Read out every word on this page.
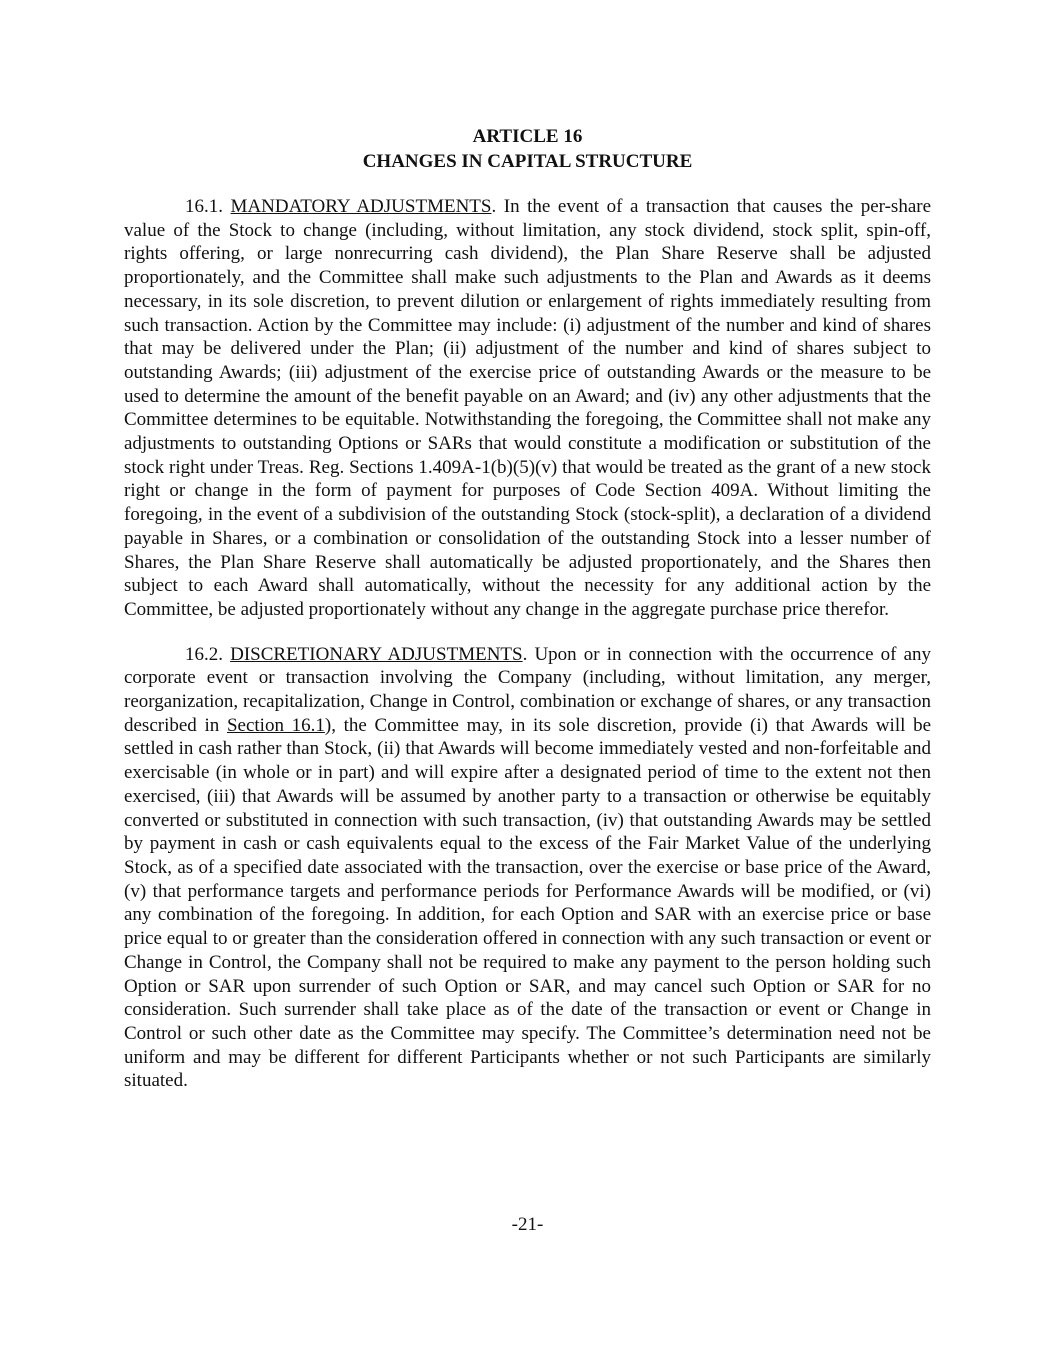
ARTICLE 16

CHANGES IN CAPITAL STRUCTURE

16.1. MANDATORY ADJUSTMENTS. In the event of a transaction that causes the per-share value of the Stock to change (including, without limitation, any stock dividend, stock split, spin-off, rights offering, or large nonrecurring cash dividend), the Plan Share Reserve shall be adjusted proportionately, and the Committee shall make such adjustments to the Plan and Awards as it deems necessary, in its sole discretion, to prevent dilution or enlargement of rights immediately resulting from such transaction. Action by the Committee may include: (i) adjustment of the number and kind of shares that may be delivered under the Plan; (ii) adjustment of the number and kind of shares subject to outstanding Awards; (iii) adjustment of the exercise price of outstanding Awards or the measure to be used to determine the amount of the benefit payable on an Award; and (iv) any other adjustments that the Committee determines to be equitable. Notwithstanding the foregoing, the Committee shall not make any adjustments to outstanding Options or SARs that would constitute a modification or substitution of the stock right under Treas. Reg. Sections 1.409A-1(b)(5)(v) that would be treated as the grant of a new stock right or change in the form of payment for purposes of Code Section 409A. Without limiting the foregoing, in the event of a subdivision of the outstanding Stock (stock-split), a declaration of a dividend payable in Shares, or a combination or consolidation of the outstanding Stock into a lesser number of Shares, the Plan Share Reserve shall automatically be adjusted proportionately, and the Shares then subject to each Award shall automatically, without the necessity for any additional action by the Committee, be adjusted proportionately without any change in the aggregate purchase price therefor.

16.2. DISCRETIONARY ADJUSTMENTS. Upon or in connection with the occurrence of any corporate event or transaction involving the Company (including, without limitation, any merger, reorganization, recapitalization, Change in Control, combination or exchange of shares, or any transaction described in Section 16.1), the Committee may, in its sole discretion, provide (i) that Awards will be settled in cash rather than Stock, (ii) that Awards will become immediately vested and non-forfeitable and exercisable (in whole or in part) and will expire after a designated period of time to the extent not then exercised, (iii) that Awards will be assumed by another party to a transaction or otherwise be equitably converted or substituted in connection with such transaction, (iv) that outstanding Awards may be settled by payment in cash or cash equivalents equal to the excess of the Fair Market Value of the underlying Stock, as of a specified date associated with the transaction, over the exercise or base price of the Award, (v) that performance targets and performance periods for Performance Awards will be modified, or (vi) any combination of the foregoing. In addition, for each Option and SAR with an exercise price or base price equal to or greater than the consideration offered in connection with any such transaction or event or Change in Control, the Company shall not be required to make any payment to the person holding such Option or SAR upon surrender of such Option or SAR, and may cancel such Option or SAR for no consideration. Such surrender shall take place as of the date of the transaction or event or Change in Control or such other date as the Committee may specify. The Committee’s determination need not be uniform and may be different for different Participants whether or not such Participants are similarly situated.

-21-
